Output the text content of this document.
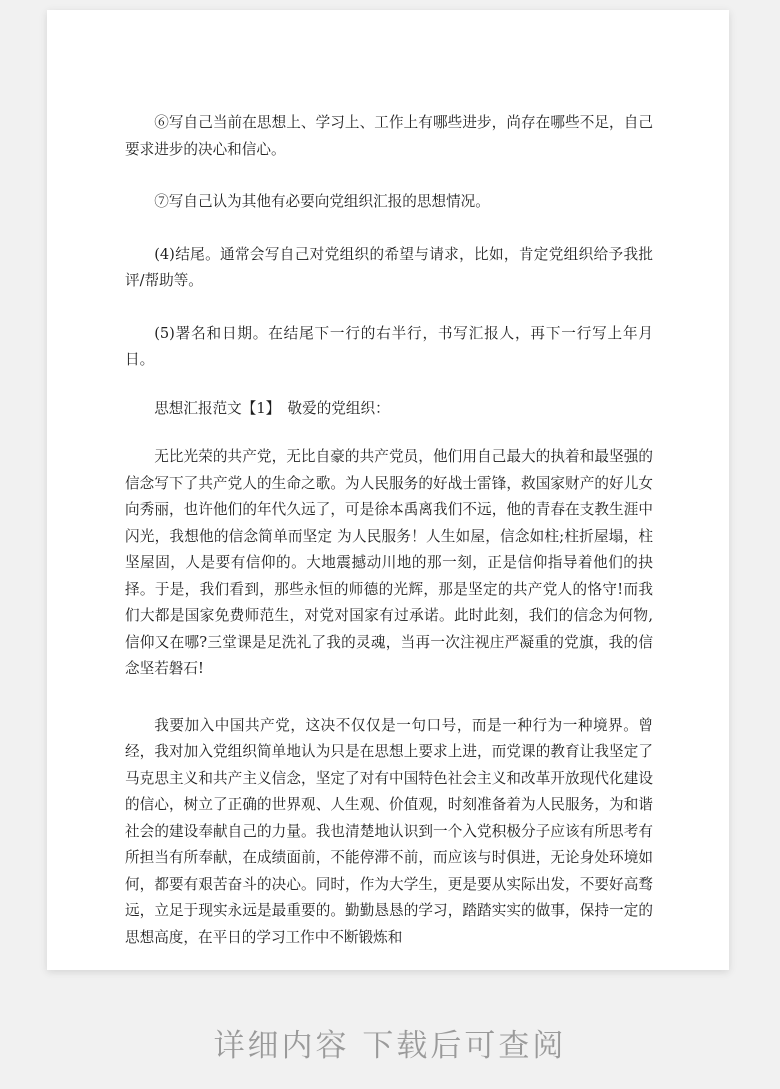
⑥写自己当前在思想上、学习上、工作上有哪些进步，尚存在哪些不足，自己要求进步的决心和信心。

⑦写自己认为其他有必要向党组织汇报的思想情况。

(4)结尾。通常会写自己对党组织的希望与请求，比如，肯定党组织给予我批评/帮助等。

(5)署名和日期。在结尾下一行的右半行，书写汇报人，再下一行写上年月日。

思想汇报范文【1】　敬爱的党组织：

无比光荣的共产党，无比自豪的共产党员，他们用自己最大的执着和最坚强的信念写下了共产党人的生命之歌。为人民服务的好战士雷锋，救国家财产的好儿女向秀丽，也许他们的年代久远了，可是徐本禹离我们不远，他的青春在支教生涯中闪光，我想他的信念简单而坚定 为人民服务！人生如屋，信念如柱;柱折屋塌，柱坚屋固，人是要有信仰的。大地震撼动川地的那一刻，正是信仰指导着他们的抉择。于是，我们看到，那些永恒的师德的光辉，那是坚定的共产党人的恪守!而我们大都是国家免费师范生，对党对国家有过承诺。此时此刻，我们的信念为何物,信仰又在哪?三堂课是足洗礼了我的灵魂，当再一次注视庄严凝重的党旗，我的信念坚若磐石!

我要加入中国共产党，这决不仅仅是一句口号，而是一种行为一种境界。曾经，我对加入党组织简单地认为只是在思想上要求上进，而党课的教育让我坚定了马克思主义和共产主义信念，坚定了对有中国特色社会主义和改革开放现代化建设的信心，树立了正确的世界观、人生观、价值观，时刻准备着为人民服务，为和谐社会的建设奉献自己的力量。我也清楚地认识到一个入党积极分子应该有所思考有所担当有所奉献，在成绩面前，不能停滞不前，而应该与时俱进，无论身处环境如何，都要有艰苦奋斗的决心。同时，作为大学生，更是要从实际出发，不要好高骛远，立足于现实永远是最重要的。勤勤恳恳的学习，踏踏实实的做事，保持一定的思想高度，在平日的学习工作中不断锻炼和

详细内容 下载后可查阅
